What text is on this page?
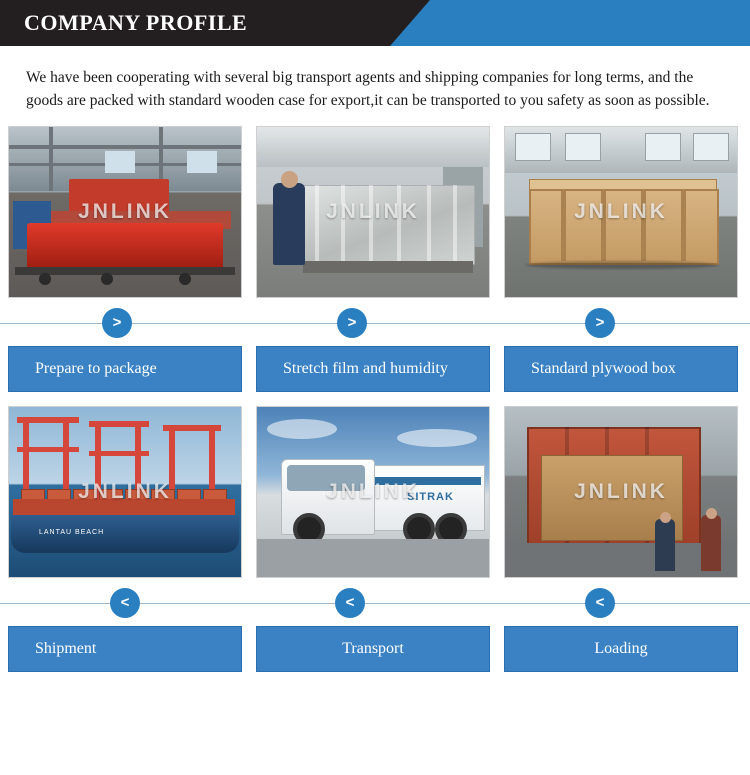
COMPANY PROFILE

We have been cooperating with several big transport agents and shipping companies for long terms, and the goods are packed with standard wooden case for export,it can be transported to you safety as soon as possible.

JNLINK	JNLINK	JNLINK
>	>	>
Prepare to package	Stretch film and humidity	Standard plywood box
LANTAU BEACH
JNLINK	SITRAK
JNLINK	JNLINK
<	<	<
Shipment	Transport	Loading
